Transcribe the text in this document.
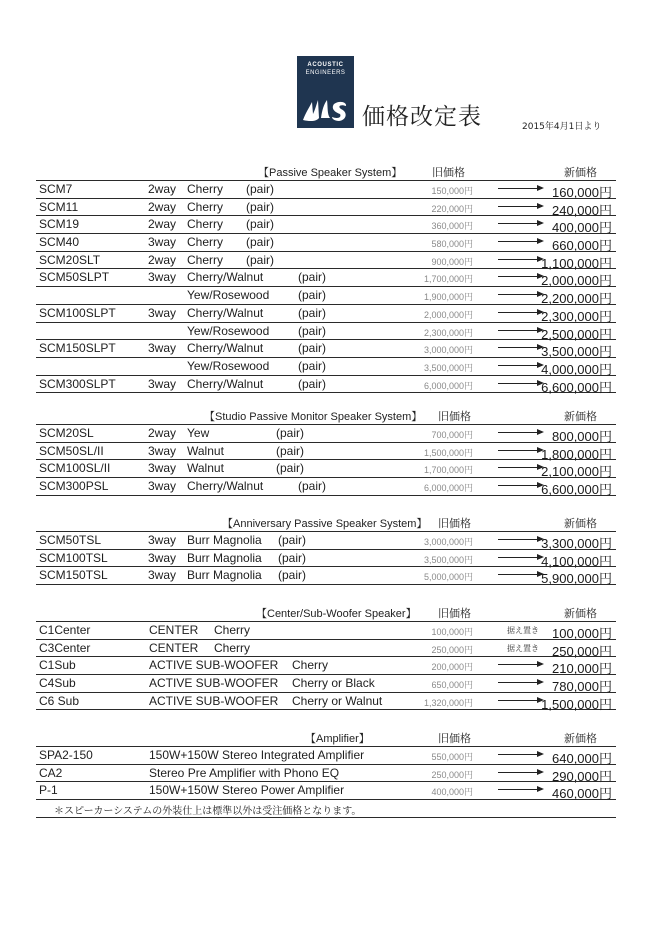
ACOUSTIC
ENGINEERS
価格改定表	2015年4月1日より
【Passive Speaker System】	旧価格	新価格
SCM7	2way Cherry (pair)	150,000円	160,000円
SCM11	2way Cherry (pair)	220,000円	240,000円
SCM19	2way Cherry (pair)	360,000円	400,000円
SCM40	3way Cherry (pair)	580,000円	660,000円
SCM20SLT	2way Cherry (pair)	900,000円	1,100,000円
SCM50SLPT	3way Cherry/Walnut	(pair)	1,700,000円	2,000,000円
Yew/Rosewood (pair)	1,900,000円	2,200,000円
SCM100SLPT	3way Cherry/Walnut	(pair)	2,000,000円	2,300,000円
Yew/Rosewood (pair)	2,300,000円	2,500,000円
SCM150SLPT	3way Cherry/Walnut	(pair)	3,000,000円	3,500,000円
Yew/Rosewood (pair)	3,500,000円	4,000,000円
SCM300SLPT	3way Cherry/Walnut	(pair)	6,000,000円	6,600,000円
【Studio Passive Monitor Speaker System】 旧価格	新価格
SCM20SL	2way Yew	(pair)	700,000円	800,000円
SCM50SL/II	3way Walnut	(pair)	1,500,000円	1,800,000円
SCM100SL/II	3way Walnut	(pair)	1,700,000円	2,100,000円
SCM300PSL	3way Cherry/Walnut	(pair)	6,000,000円	6,600,000円
【Anniversary Passive Speaker System】 旧価格	新価格
SCM50TSL	3way Burr Magnolia (pair)	3,000,000円	3,300,000円
SCM100TSL	3way Burr Magnolia (pair)	3,500,000円	4,100,000円
SCM150TSL	3way Burr Magnolia (pair)	5,000,000円	5,900,000円
【Center/Sub-Woofer Speaker】 旧価格	新価格
C1Center	CENTER Cherry	100,000円	据え置き 100,000円
C3Center	CENTER Cherry	250,000円	据え置き 250,000円
C1Sub	ACTIVE SUB-WOOFER Cherry	200,000円	210,000円
C4Sub	ACTIVE SUB-WOOFER Cherry or Black	650,000円	780,000円
C6 Sub	ACTIVE SUB-WOOFER Cherry or Walnut	1,320,000円	1,500,000円
【Amplifier】	旧価格	新価格
SPA2-150	150W+150W Stereo Integrated Amplifier	550,000円	640,000円
CA2	Stereo Pre Amplifier with Phono EQ	250,000円	290,000円
P-1	150W+150W Stereo Power Amplifier	400,000円	460,000円
＊スピーカーシステムの外装仕上は標準以外は受注価格となります。
